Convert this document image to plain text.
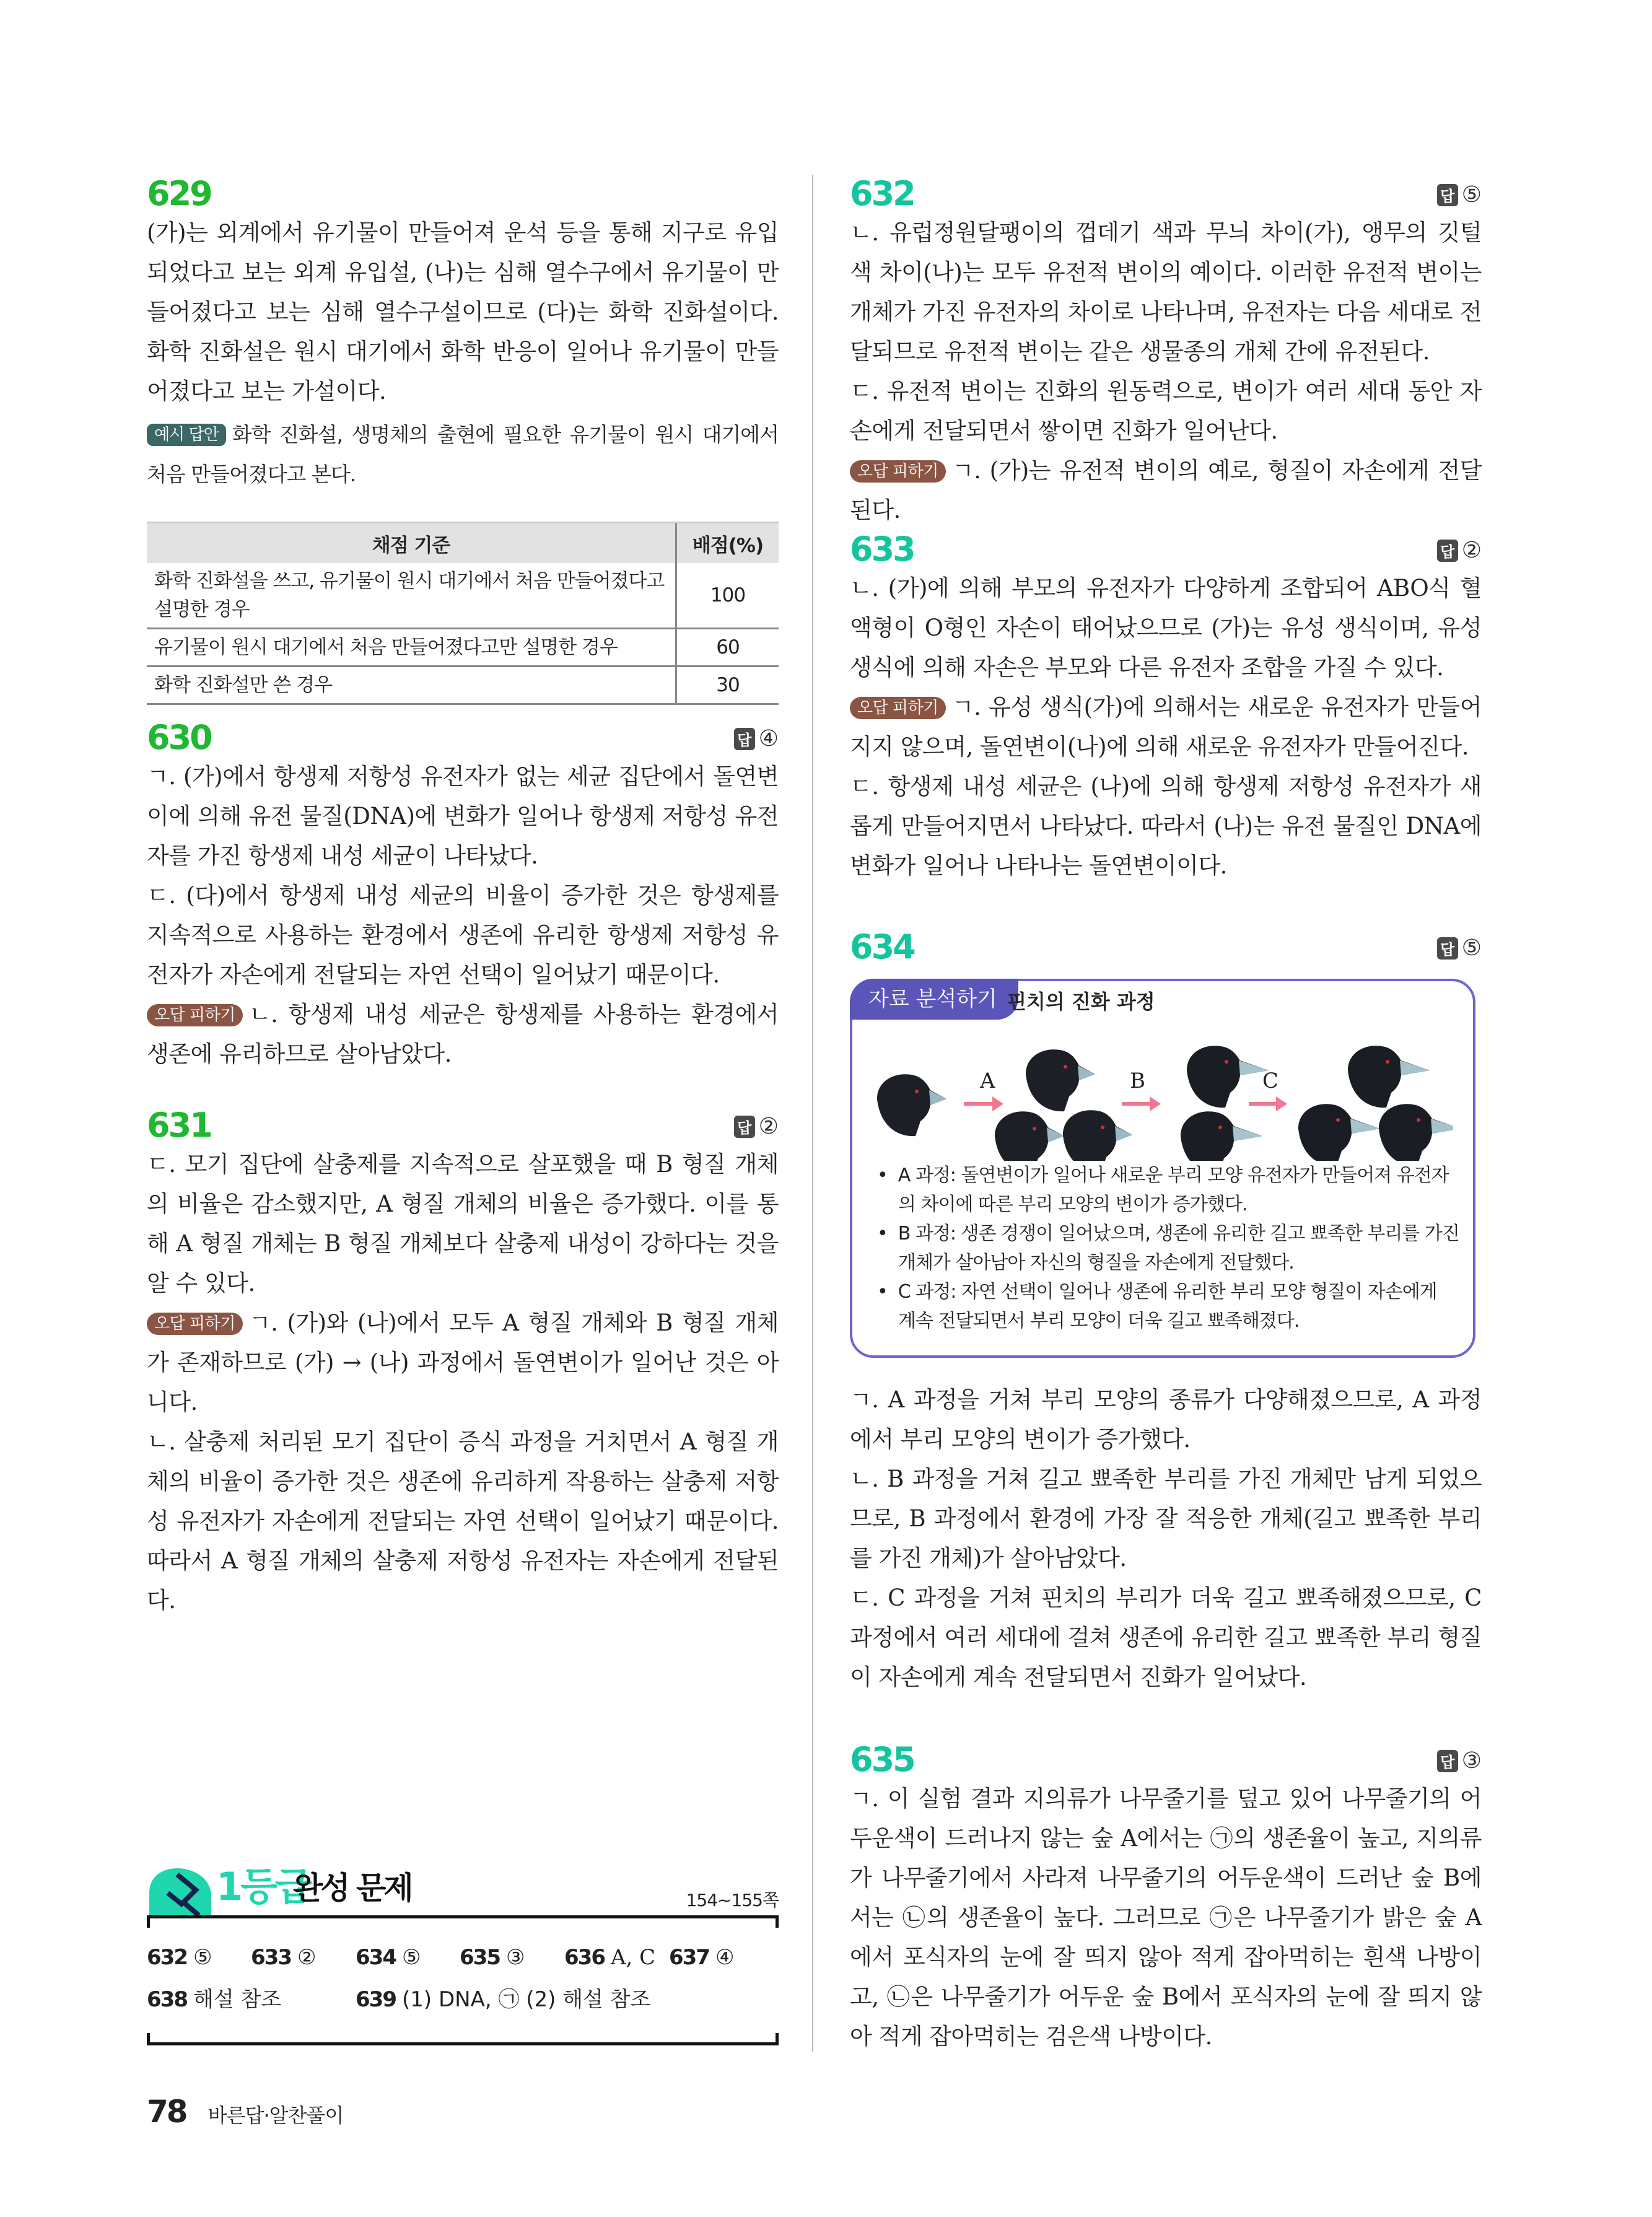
629

(가)는 외계에서 유기물이 만들어져 운석 등을 통해 지구로 유입되었다고 보는 외계 유입설, (나)는 심해 열수구에서 유기물이 만들어졌다고 보는 심해 열수구설이므로 (다)는 화학 진화설이다. 화학 진화설은 원시 대기에서 화학 반응이 일어나 유기물이 만들어졌다고 보는 가설이다.

예시 답안 화학 진화설, 생명체의 출현에 필요한 유기물이 원시 대기에서 처음 만들어졌다고 본다.

채점 기준	배점(%)
화학 진화설을 쓰고, 유기물이 원시 대기에서 처음 만들어졌다고 설명한 경우	100
유기물이 원시 대기에서 처음 만들어졌다고만 설명한 경우	60
화학 진화설만 쓴 경우	30
630	답 ④

ㄱ. (가)에서 항생제 저항성 유전자가 없는 세균 집단에서 돌연변이에 의해 유전 물질(DNA)에 변화가 일어나 항생제 저항성 유전자를 가진 항생제 내성 세균이 나타났다.

ㄷ. (다)에서 항생제 내성 세균의 비율이 증가한 것은 항생제를 지속적으로 사용하는 환경에서 생존에 유리한 항생제 저항성 유전자가 자손에게 전달되는 자연 선택이 일어났기 때문이다.

오답 피하기 ㄴ. 항생제 내성 세균은 항생제를 사용하는 환경에서 생존에 유리하므로 살아남았다.

631	답 ②

ㄷ. 모기 집단에 살충제를 지속적으로 살포했을 때 B 형질 개체의 비율은 감소했지만, A 형질 개체의 비율은 증가했다. 이를 통해 A 형질 개체는 B 형질 개체보다 살충제 내성이 강하다는 것을 알 수 있다.

오답 피하기 ㄱ. (가)와 (나)에서 모두 A 형질 개체와 B 형질 개체가 존재하므로 (가) → (나) 과정에서 돌연변이가 일어난 것은 아니다.

ㄴ. 살충제 처리된 모기 집단이 증식 과정을 거치면서 A 형질 개체의 비율이 증가한 것은 생존에 유리하게 작용하는 살충제 저항성 유전자가 자손에게 전달되는 자연 선택이 일어났기 때문이다. 따라서 A 형질 개체의 살충제 저항성 유전자는 자손에게 전달된다.

632	답 ⑤

ㄴ. 유럽정원달팽이의 껍데기 색과 무늬 차이(가), 앵무의 깃털 색 차이(나)는 모두 유전적 변이의 예이다. 이러한 유전적 변이는 개체가 가진 유전자의 차이로 나타나며, 유전자는 다음 세대로 전달되므로 유전적 변이는 같은 생물종의 개체 간에 유전된다.

ㄷ. 유전적 변이는 진화의 원동력으로, 변이가 여러 세대 동안 자손에게 전달되면서 쌓이면 진화가 일어난다.

오답 피하기 ㄱ. (가)는 유전적 변이의 예로, 형질이 자손에게 전달된다.

633	답 ②

ㄴ. (가)에 의해 부모의 유전자가 다양하게 조합되어 ABO식 혈액형이 O형인 자손이 태어났으므로 (가)는 유성 생식이며, 유성 생식에 의해 자손은 부모와 다른 유전자 조합을 가질 수 있다.

오답 피하기 ㄱ. 유성 생식(가)에 의해서는 새로운 유전자가 만들어지지 않으며, 돌연변이(나)에 의해 새로운 유전자가 만들어진다.

ㄷ. 항생제 내성 세균은 (나)에 의해 항생제 저항성 유전자가 새롭게 만들어지면서 나타났다. 따라서 (나)는 유전 물질인 DNA에 변화가 일어나 나타나는 돌연변이이다.

634	답 ⑤
자료 분석하기 핀치의 진화 과정
A	B	C
•  A 과정: 돌연변이가 일어나 새로운 부리 모양 유전자가 만들어져 유전자의 차이에 따른 부리 모양의 변이가 증가했다.
•  B 과정: 생존 경쟁이 일어났으며, 생존에 유리한 길고 뾰족한 부리를 가진 개체가 살아남아 자신의 형질을 자손에게 전달했다.
•  C 과정: 자연 선택이 일어나 생존에 유리한 부리 모양 형질이 자손에게 계속 전달되면서 부리 모양이 더욱 길고 뾰족해졌다.

ㄱ. A 과정을 거쳐 부리 모양의 종류가 다양해졌으므로, A 과정에서 부리 모양의 변이가 증가했다.

ㄴ. B 과정을 거쳐 길고 뾰족한 부리를 가진 개체만 남게 되었으므로, B 과정에서 환경에 가장 잘 적응한 개체(길고 뾰족한 부리를 가진 개체)가 살아남았다.

ㄷ. C 과정을 거쳐 핀치의 부리가 더욱 길고 뾰족해졌으므로, C 과정에서 여러 세대에 걸쳐 생존에 유리한 길고 뾰족한 부리 형질이 자손에게 계속 전달되면서 진화가 일어났다.

635	답 ③

ㄱ. 이 실험 결과 지의류가 나무줄기를 덮고 있어 나무줄기의 어두운색이 드러나지 않는 숲 A에서는 ㉠의 생존율이 높고, 지의류가 나무줄기에서 사라져 나무줄기의 어두운색이 드러난 숲 B에서는 ㉡의 생존율이 높다. 그러므로 ㉠은 나무줄기가 밝은 숲 A에서 포식자의 눈에 잘 띄지 않아 적게 잡아먹히는 흰색 나방이고, ㉡은 나무줄기가 어두운 숲 B에서 포식자의 눈에 잘 띄지 않아 적게 잡아먹히는 검은색 나방이다.

1등급
완성 문제	154~155쪽
632 ⑤ 633 ② 634 ⑤ 635 ③ 636 A, C 637 ④
638 해설 참조	639 (1) DNA, ㉠ (2) 해설 참조
78 바른답·알찬풀이
